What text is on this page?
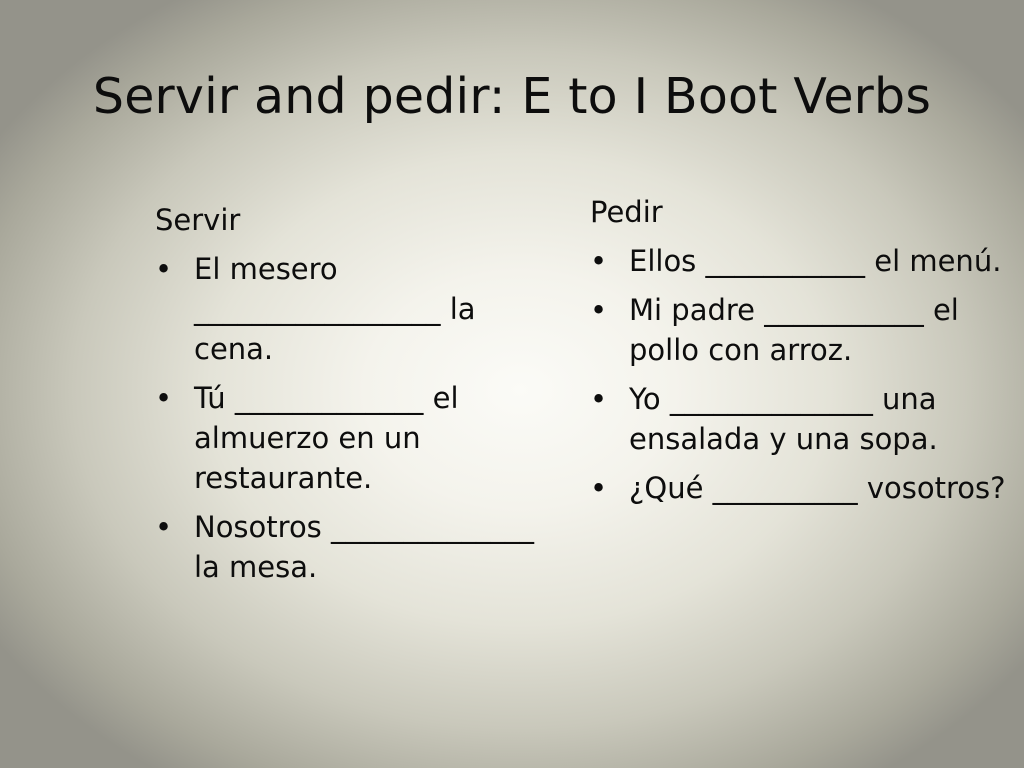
Servir and pedir: E to I Boot Verbs
Servir
• El mesero _________________ la cena.
• Tú _____________ el almuerzo en un restaurante.
• Nosotros ______________ la mesa.
Pedir
• Ellos ___________ el menú.
• Mi padre ___________ el pollo con arroz.
• Yo ______________ una ensalada y una sopa.
• ¿Qué __________ vosotros?
